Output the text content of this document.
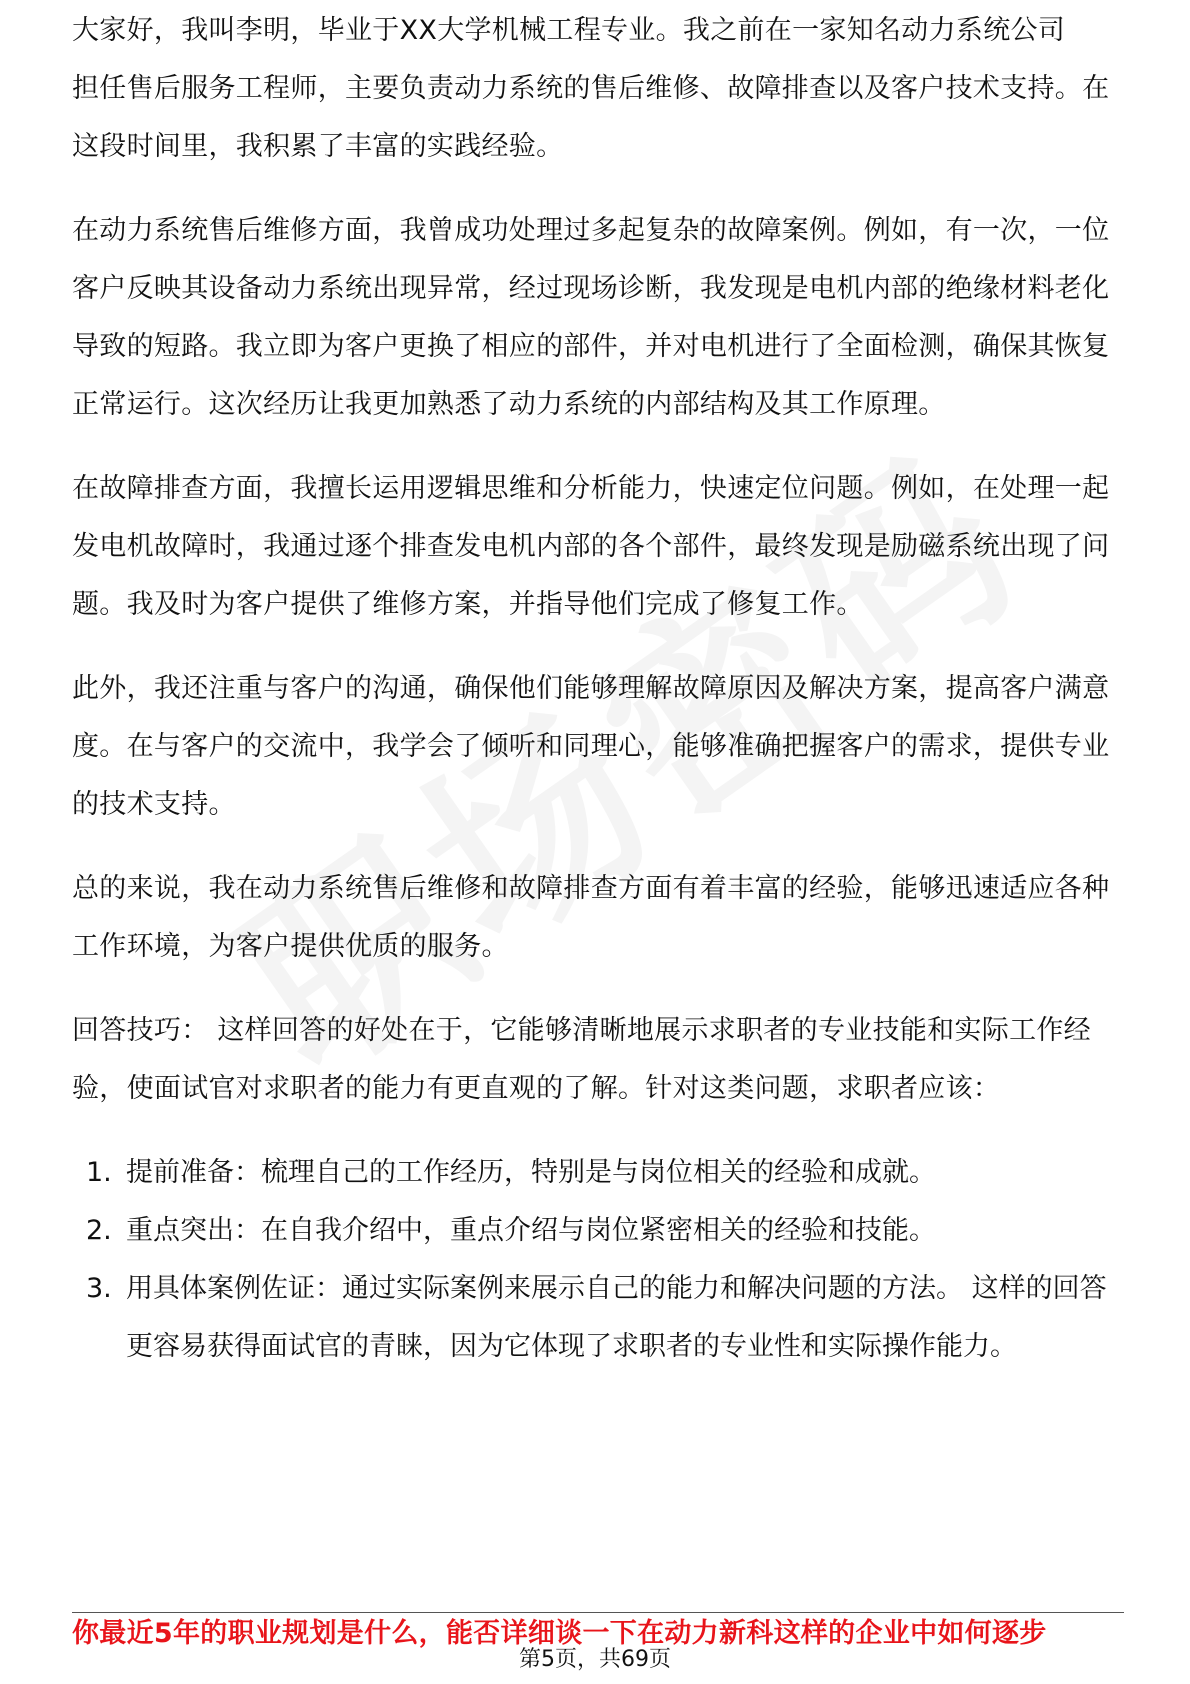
大家好，我叫李明，毕业于XX大学机械工程专业。我之前在一家知名动力系统公司

担任售后服务工程师，主要负责动力系统的售后维修、故障排查以及客户技术支持。在这段时间里，我积累了丰富的实践经验。

在动力系统售后维修方面，我曾成功处理过多起复杂的故障案例。例如，有一次，一位客户反映其设备动力系统出现异常，经过现场诊断，我发现是电机内部的绝缘材料老化导致的短路。我立即为客户更换了相应的部件，并对电机进行了全面检测，确保其恢复正常运行。这次经历让我更加熟悉了动力系统的内部结构及其工作原理。

在故障排查方面，我擅长运用逻辑思维和分析能力，快速定位问题。例如，在处理一起发电机故障时，我通过逐个排查发电机内部的各个部件，最终发现是励磁系统出现了问题。我及时为客户提供了维修方案，并指导他们完成了修复工作。

此外，我还注重与客户的沟通，确保他们能够理解故障原因及解决方案，提高客户满意度。在与客户的交流中，我学会了倾听和同理心，能够准确把握客户的需求，提供专业的技术支持。

总的来说，我在动力系统售后维修和故障排查方面有着丰富的经验，能够迅速适应各种工作环境，为客户提供优质的服务。

回答技巧： 这样回答的好处在于，它能够清晰地展示求职者的专业技能和实际工作经验，使面试官对求职者的能力有更直观的了解。针对这类问题，求职者应该：

1. 提前准备：梳理自己的工作经历，特别是与岗位相关的经验和成就。
2. 重点突出：在自我介绍中，重点介绍与岗位紧密相关的经验和技能。
3. 用具体案例佐证：通过实际案例来展示自己的能力和解决问题的方法。 这样的回答更容易获得面试官的青睐，因为它体现了求职者的专业性和实际操作能力。
你最近5年的职业规划是什么，能否详细谈一下在动力新科这样的企业中如何逐步
第5页，共69页
